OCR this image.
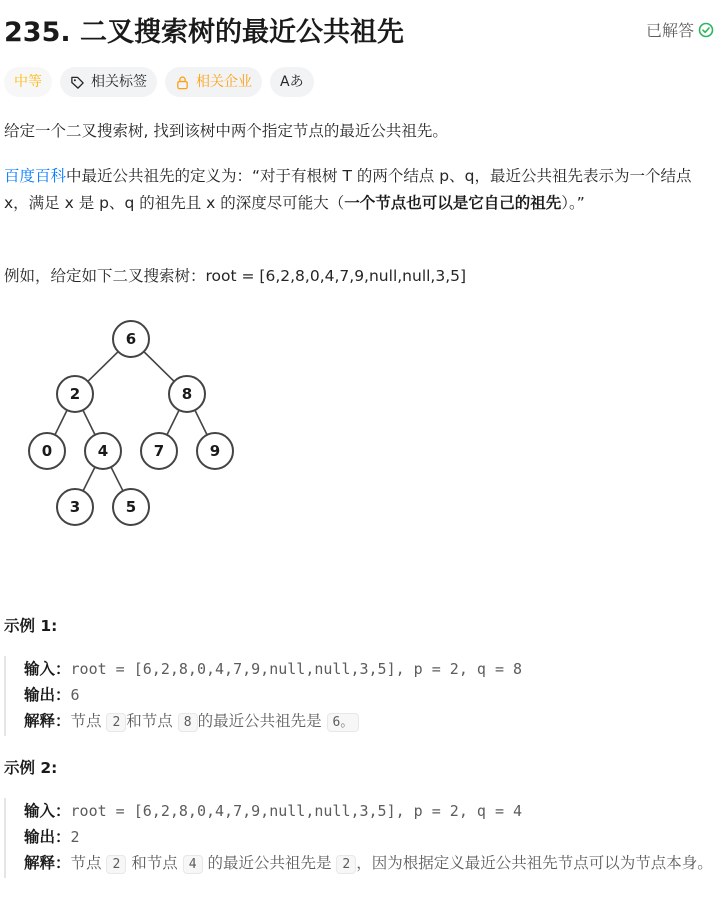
235. 二叉搜索树的最近公共祖先	已解答
中等	相关标签	相关企业 Aあ

给定一个二叉搜索树, 找到该树中两个指定节点的最近公共祖先。

百度百科中最近公共祖先的定义为：“对于有根树 T 的两个结点 p、q，最近公共祖先表示为一个结点 x，满足 x 是 p、q 的祖先且 x 的深度尽可能大（一个节点也可以是它自己的祖先）。”

例如，给定如下二叉搜索树：root = [6,2,8,0,4,7,9,null,null,3,5]

6
2	8
0	4	7	9
3	5
示例 1:
输入：root = [6,2,8,0,4,7,9,null,null,3,5], p = 2, q = 8
输出：6
解释：节点 2 和节点 8 的最近公共祖先是 6。
示例 2:
输入：root = [6,2,8,0,4,7,9,null,null,3,5], p = 2, q = 4
输出：2
解释：节点 2 和节点 4 的最近公共祖先是 2 ，因为根据定义最近公共祖先节点可以为节点本身。
